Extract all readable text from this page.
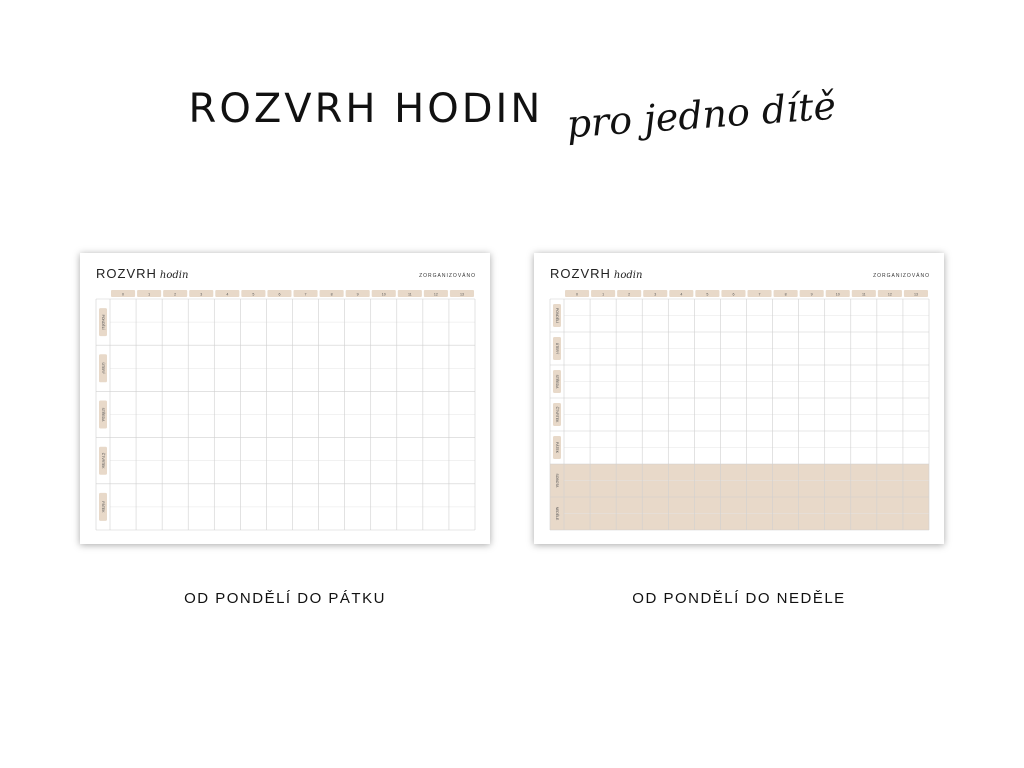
ROZVRH HODIN pro jedno dítě
ROZVRH hodin	ZORGANIZOVÁNO
0	1	2	3	4	5	6	7	8	9	10	11	12	13
PONDĚLÍ
ÚTERÝ
STŘEDA
ČTVRTEK
PÁTEK
ROZVRH hodin	ZORGANIZOVÁNO
0	1	2	3	4	5	6	7	8	9	10	11	12	13
PONDĚLÍ
ÚTERÝ
STŘEDA
ČTVRTEK
PÁTEK
SOBOTA
NEDĚLE
OD PONDĚLÍ DO PÁTKU	OD PONDĚLÍ DO NEDĚLE
